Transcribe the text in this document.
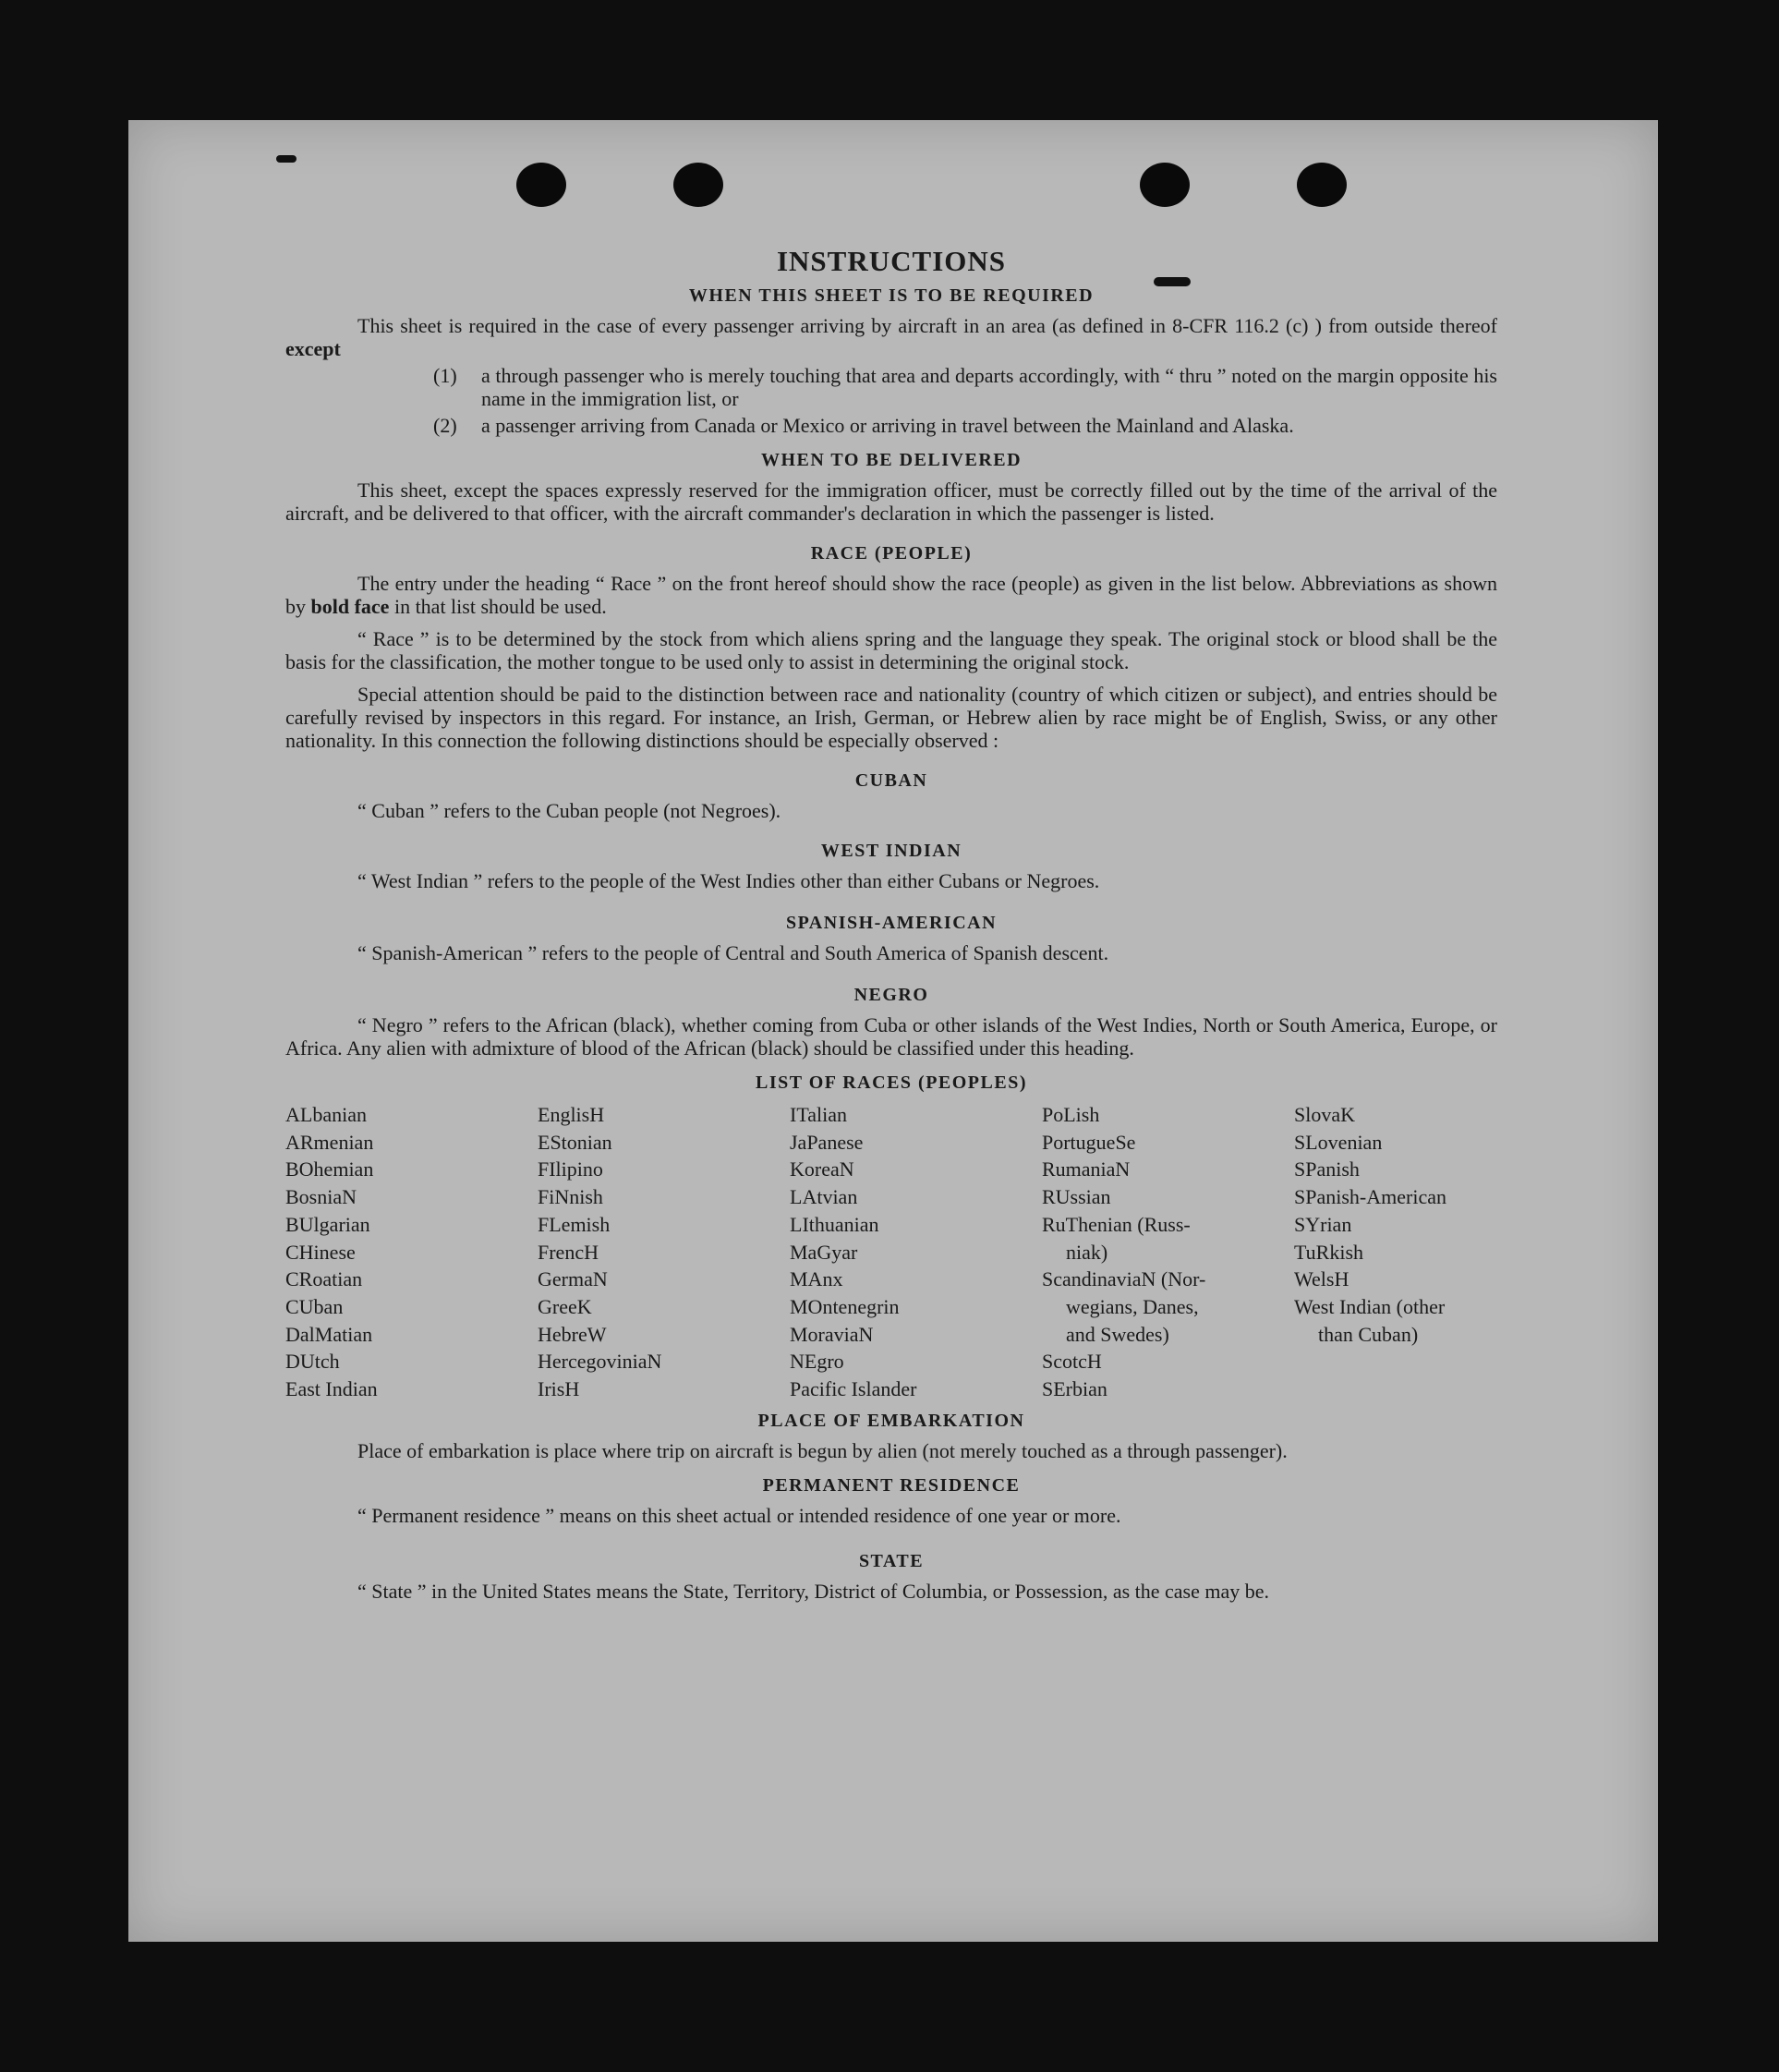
INSTRUCTIONS
WHEN THIS SHEET IS TO BE REQUIRED

This sheet is required in the case of every passenger arriving by aircraft in an area (as defined in 8-CFR 116.2 (c) ) from outside thereof except

(1)	a through passenger who is merely touching that area and departs accordingly, with “ thru ” noted on the margin opposite his name in the immigration list, or
(2)	a passenger arriving from Canada or Mexico or arriving in travel between the Mainland and Alaska.
WHEN TO BE DELIVERED

This sheet, except the spaces expressly reserved for the immigration officer, must be correctly filled out by the time of the arrival of the aircraft, and be delivered to that officer, with the aircraft commander's declaration in which the passenger is listed.

RACE (PEOPLE)

The entry under the heading “ Race ” on the front hereof should show the race (people) as given in the list below. Abbreviations as shown by bold face in that list should be used.

“ Race ” is to be determined by the stock from which aliens spring and the language they speak. The original stock or blood shall be the basis for the classification, the mother tongue to be used only to assist in determining the original stock.

Special attention should be paid to the distinction between race and nationality (country of which citizen or subject), and entries should be carefully revised by inspectors in this regard. For instance, an Irish, German, or Hebrew alien by race might be of English, Swiss, or any other nationality. In this connection the following distinctions should be especially observed :

CUBAN

“ Cuban ” refers to the Cuban people (not Negroes).

WEST INDIAN

“ West Indian ” refers to the people of the West Indies other than either Cubans or Negroes.

SPANISH-AMERICAN

“ Spanish-American ” refers to the people of Central and South America of Spanish descent.

NEGRO

“ Negro ” refers to the African (black), whether coming from Cuba or other islands of the West Indies, North or South America, Europe, or Africa. Any alien with admixture of blood of the African (black) should be classified under this heading.

LIST OF RACES (PEOPLES)
ALbanian
ARmenian
BOhemian
BosniaN
BUlgarian
CHinese
CRoatian
CUban
DalMatian
DUtch
East Indian
EnglisH
EStonian
FIlipino
FiNnish
FLemish
FrencH
GermaN
GreeK
HebreW
HercegoviniaN
IrisH
ITalian
JaPanese
KoreaN
LAtvian
LIthuanian
MaGyar
MAnx
MOntenegrin
MoraviaN
NEgro
Pacific Islander
PoLish
PortugueSe
RumaniaN
RUssian
RuThenian (Russ-
niak)
ScandinaviaN (Nor-
wegians, Danes,
and Swedes)
ScotcH
SErbian
SlovaK
SLovenian
SPanish
SPanish-American
SYrian
TuRkish
WelsH
West Indian (other
than Cuban)
PLACE OF EMBARKATION

Place of embarkation is place where trip on aircraft is begun by alien (not merely touched as a through passenger).

PERMANENT RESIDENCE

“ Permanent residence ” means on this sheet actual or intended residence of one year or more.

STATE

“ State ” in the United States means the State, Territory, District of Columbia, or Possession, as the case may be.
